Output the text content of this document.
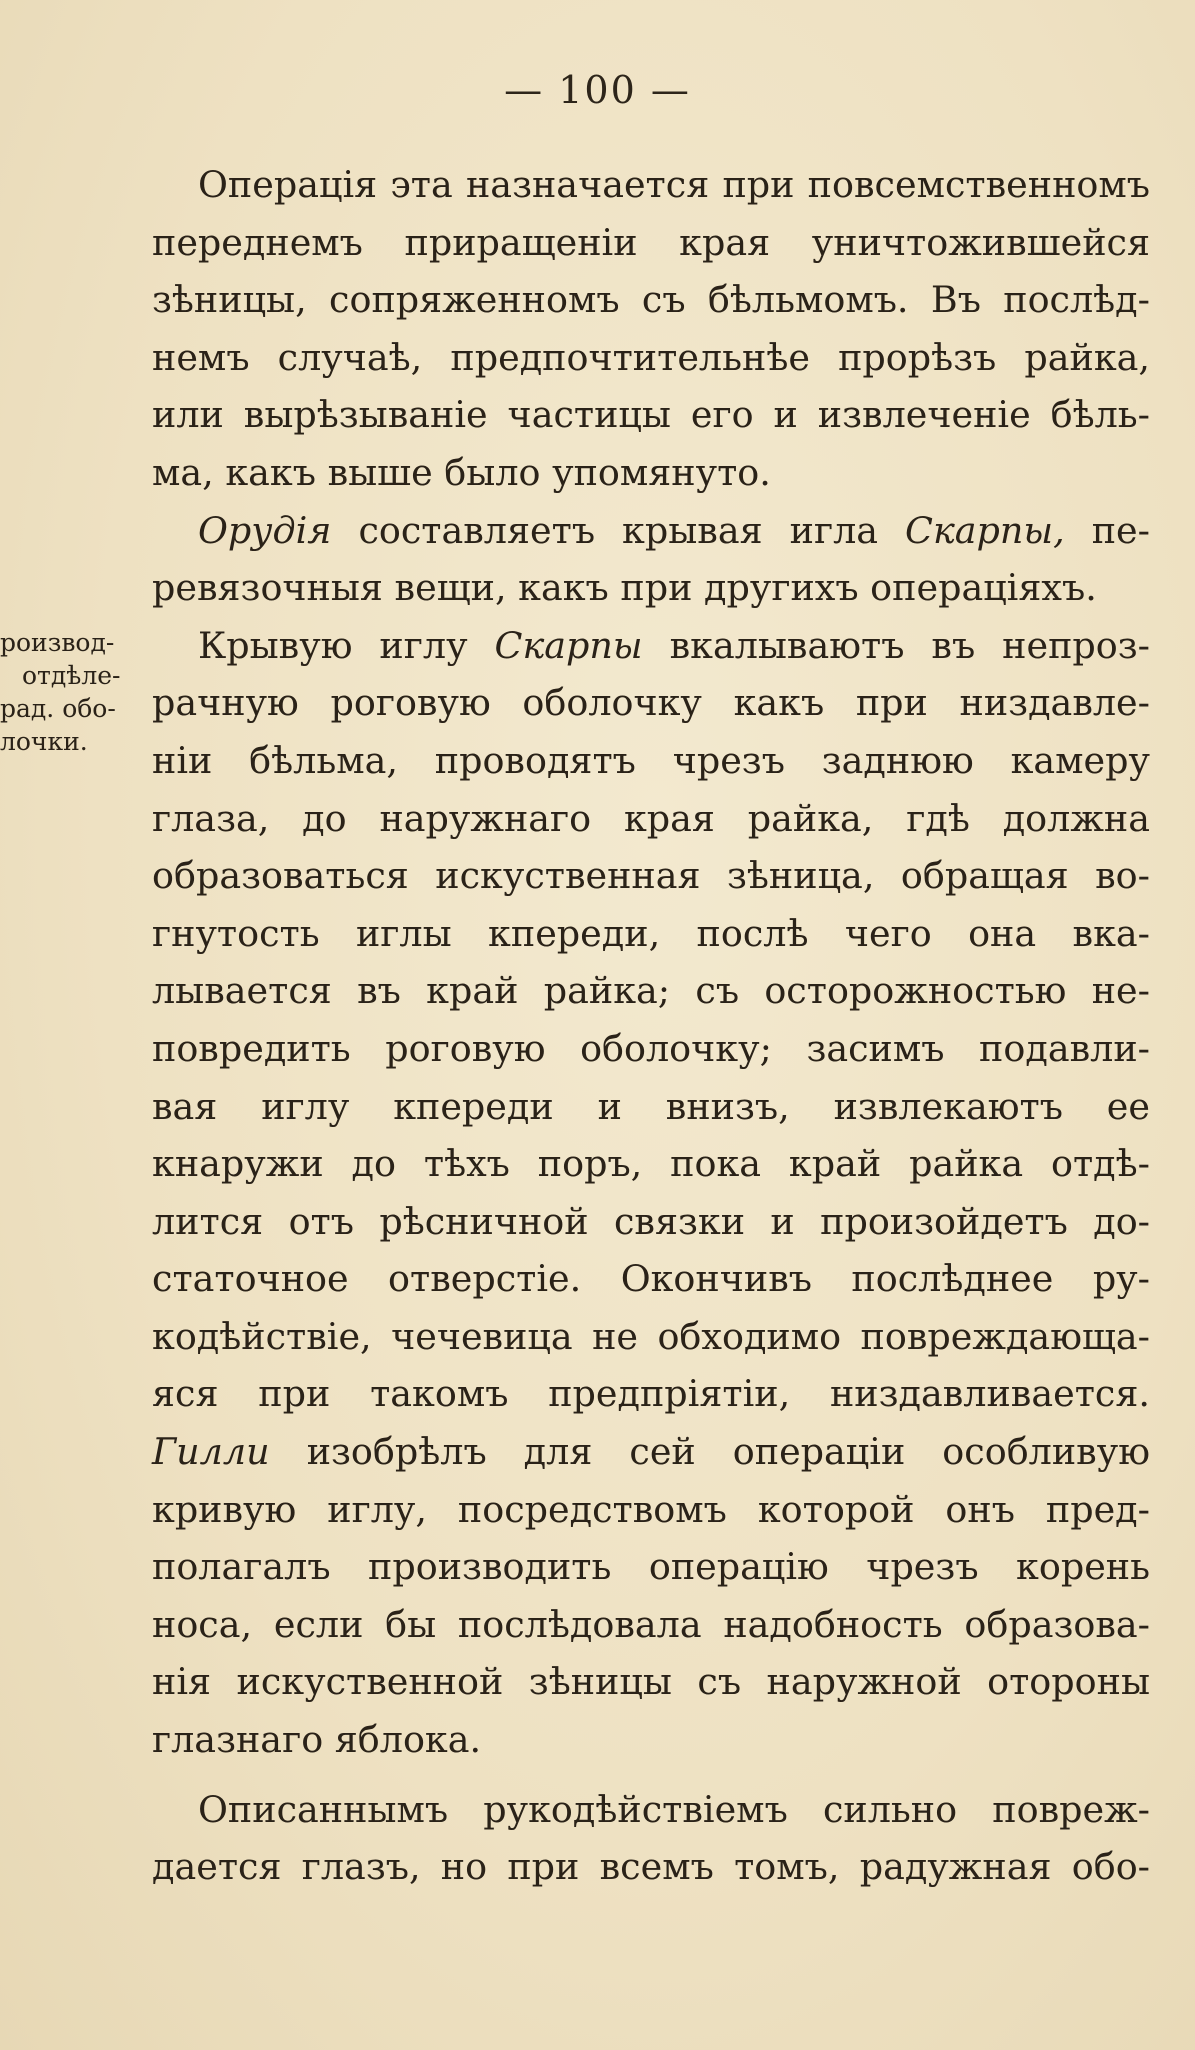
— 100 —
роизвод-
отдѣле-
рад. обо-
лочки.
Операція эта назначается при повсемственномъ
переднемъ приращеніи края уничтожившейся
зѣницы, сопряженномъ съ бѣльмомъ. Въ послѣд-
немъ случаѣ, предпочтительнѣе прорѣзъ райка,
или вырѣзываніе частицы его и извлеченіе бѣль-
ма, какъ выше было упомянуто.
Орудія составляетъ крывая игла Скарпы, пе-
ревязочныя вещи, какъ при другихъ операціяхъ.
Крывую иглу Скарпы вкалываютъ въ непроз-
рачную роговую оболочку какъ при низдавле-
ніи бѣльма, проводятъ чрезъ заднюю камеру
глаза, до наружнаго края райка, гдѣ должна
образоваться искуственная зѣница, обращая во-
гнутость иглы кпереди, послѣ чего она вка-
лывается въ край райка; съ осторожностью не-
повредить роговую оболочку; засимъ подавли-
вая иглу кпереди и внизъ, извлекаютъ ее
кнаружи до тѣхъ поръ, пока край райка отдѣ-
лится отъ рѣсничной связки и произойдетъ до-
статочное отверстіе. Окончивъ послѣднее ру-
кодѣйствіе, чечевица не обходимо повреждающа-
яся при такомъ предпріятіи, низдавливается.
Гилли изобрѣлъ для сей операціи особливую
кривую иглу, посредствомъ которой онъ пред-
полагалъ производить операцію чрезъ корень
носа, если бы послѣдовала надобность образова-
нія искуственной зѣницы съ наружной отороны
глазнаго яблока.
Описаннымъ рукодѣйствіемъ сильно повреж-
дается глазъ, но при всемъ томъ, радужная обо-
